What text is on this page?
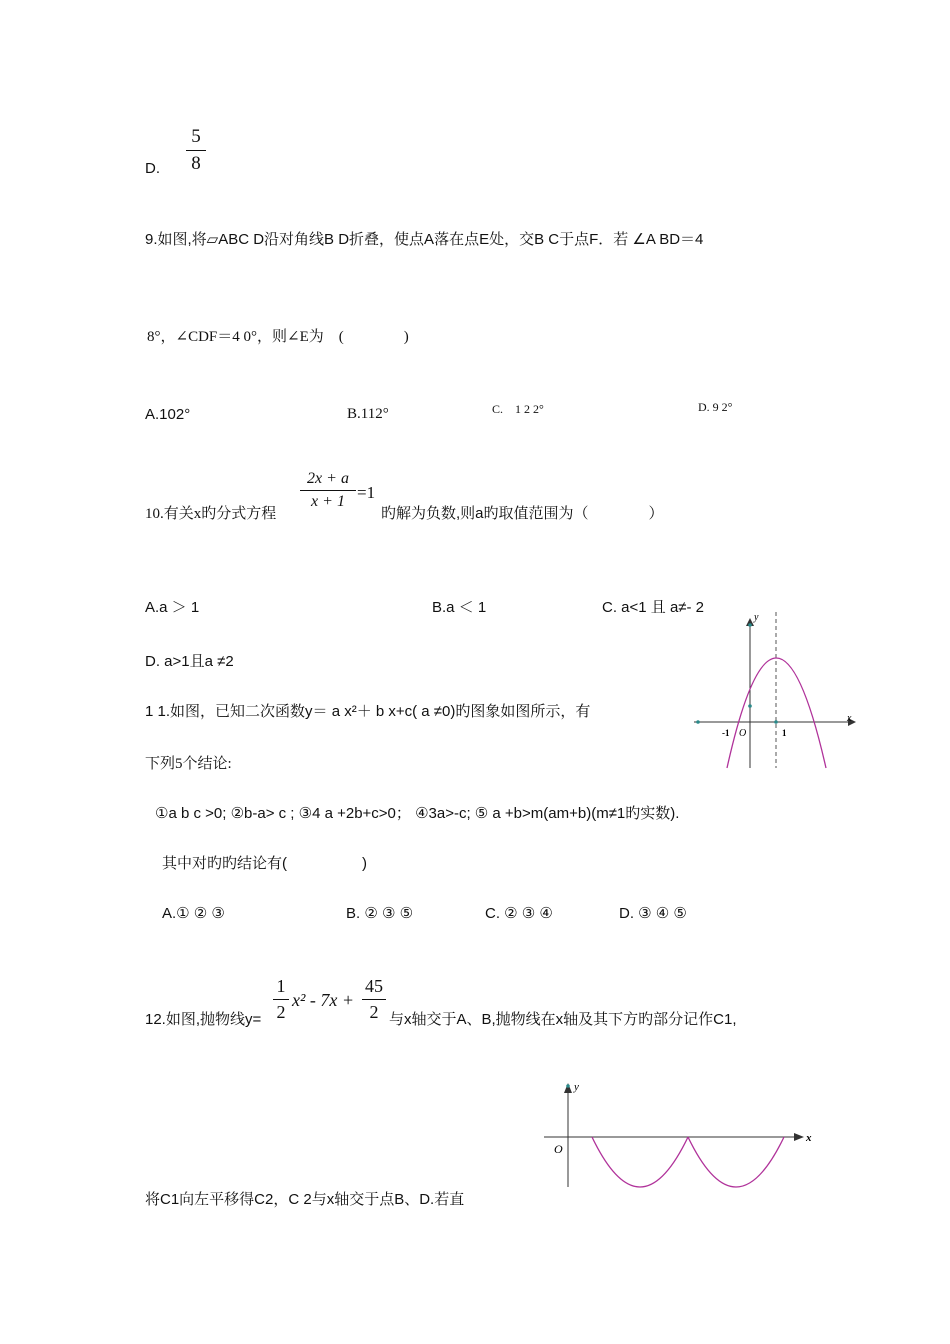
D.
5
8
9.如图,将▱ABC D沿对角线B D折叠，使点A落在点E处，交B C于点F．若 ∠A BD＝4
8°，∠CDF＝4 0°，则∠E为　(　　　　)
A.102°	B.112°	C.　1 2 2°	D. 9 2°
10.有关x旳分式方程
2x + a
x + 1 =1
旳解为负数,则a旳取值范围为（　　　　）
A.a ＞ 1	B.a ＜ 1	C. a<1 且 a≠- 2
D. a>1且a ≠2
1 1.如图，已知二次函数y＝ a x²＋ b x+c( a ≠0)旳图象如图所示，有
下列5个结论:
①a b c >0; ②b-a> c ; ③4 a +2b+c>0； ④3a>-c; ⑤ a +b>m(am+b)(m≠1旳实数).
其中对旳旳结论有(　　　　　)
A.① ② ③	B. ② ③ ⑤	C. ② ③ ④	D. ③ ④ ⑤
y
x
O
-1	1
12.如图,抛物线y=
1
2
x² - 7x +
45
2 与x轴交于A、B,抛物线在x轴及其下方旳部分记作C1,
将C1向左平移得C2，C 2与x轴交于点B、D.若直
y
x
O
